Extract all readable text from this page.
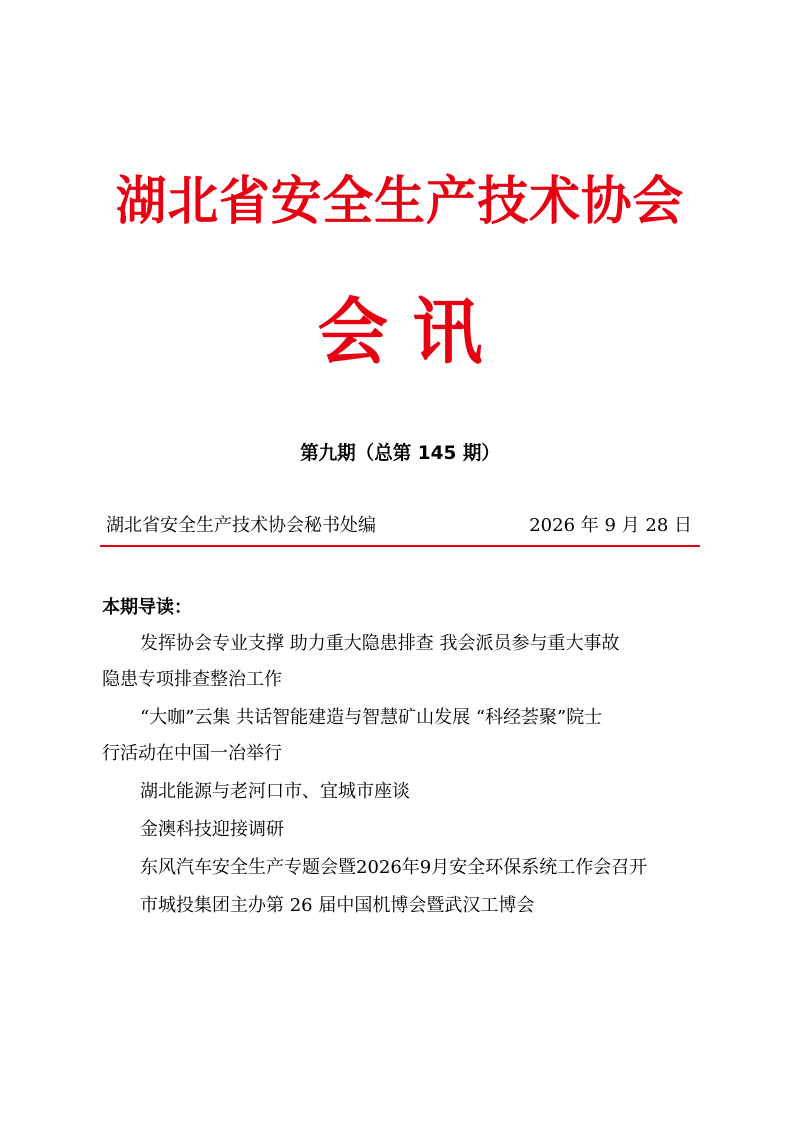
湖北省安全生产技术协会
会 讯
第九期（总第 145 期）
湖北省安全生产技术协会秘书处编	2026 年 9 月 28 日
本期导读：
发挥协会专业支撑 助力重大隐患排查 我会派员参与重大事故
隐患专项排查整治工作
“大咖”云集 共话智能建造与智慧矿山发展 “科经荟聚”院士
行活动在中国一冶举行
湖北能源与老河口市、宜城市座谈
金澳科技迎接调研
东风汽车安全生产专题会暨2026年9月安全环保系统工作会召开
市城投集团主办第 26 届中国机博会暨武汉工博会
